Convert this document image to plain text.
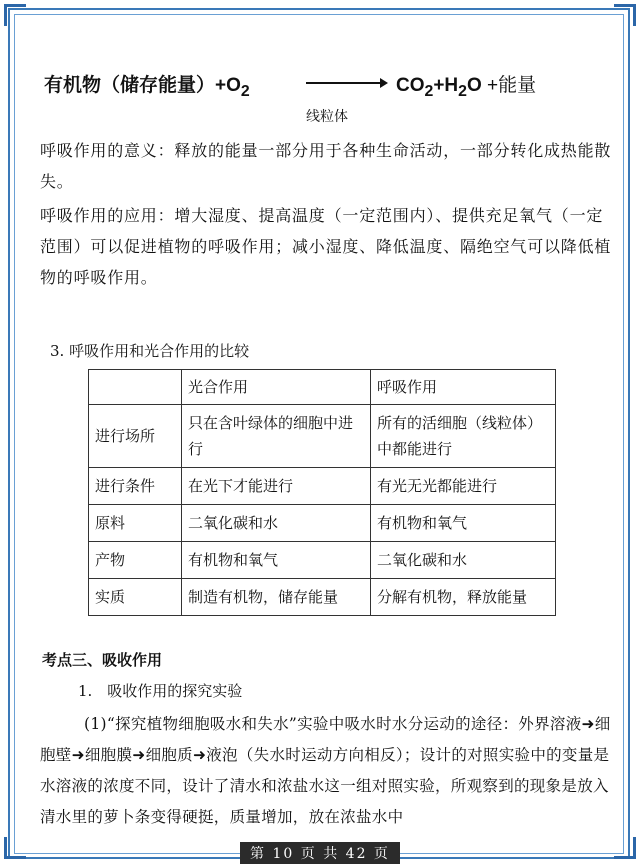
有机物（储存能量）$+O_2$	$CO_2+H_2O$ +能量
线粒体
呼吸作用的意义：释放的能量一部分用于各种生命活动，一部分转化成热能散失。
呼吸作用的应用：增大湿度、提高温度（一定范围内）、提供充足氧气（一定范围）可以促进植物的呼吸作用；减小湿度、降低温度、隔绝空气可以降低植物的呼吸作用。
3. 呼吸作用和光合作用的比较
	光合作用	呼吸作用
进行场所	只在含叶绿体的细胞中进行	所有的活细胞（线粒体）中都能进行
进行条件	在光下才能进行	有光无光都能进行
原料	二氧化碳和水	有机物和氧气
产物	有机物和氧气	二氧化碳和水
实质	制造有机物，储存能量	分解有机物，释放能量
考点三、吸收作用
1.　吸收作用的探究实验
(1)“探究植物细胞吸水和失水”实验中吸水时水分运动的途径：外界溶液➜细胞壁➜细胞膜➜细胞质➜液泡（失水时运动方向相反）；设计的对照实验中的变量是水溶液的浓度不同，设计了清水和浓盐水这一组对照实验，所观察到的现象是放入清水里的萝卜条变得硬挺，质量增加，放在浓盐水中
第 10 页 共 42 页
